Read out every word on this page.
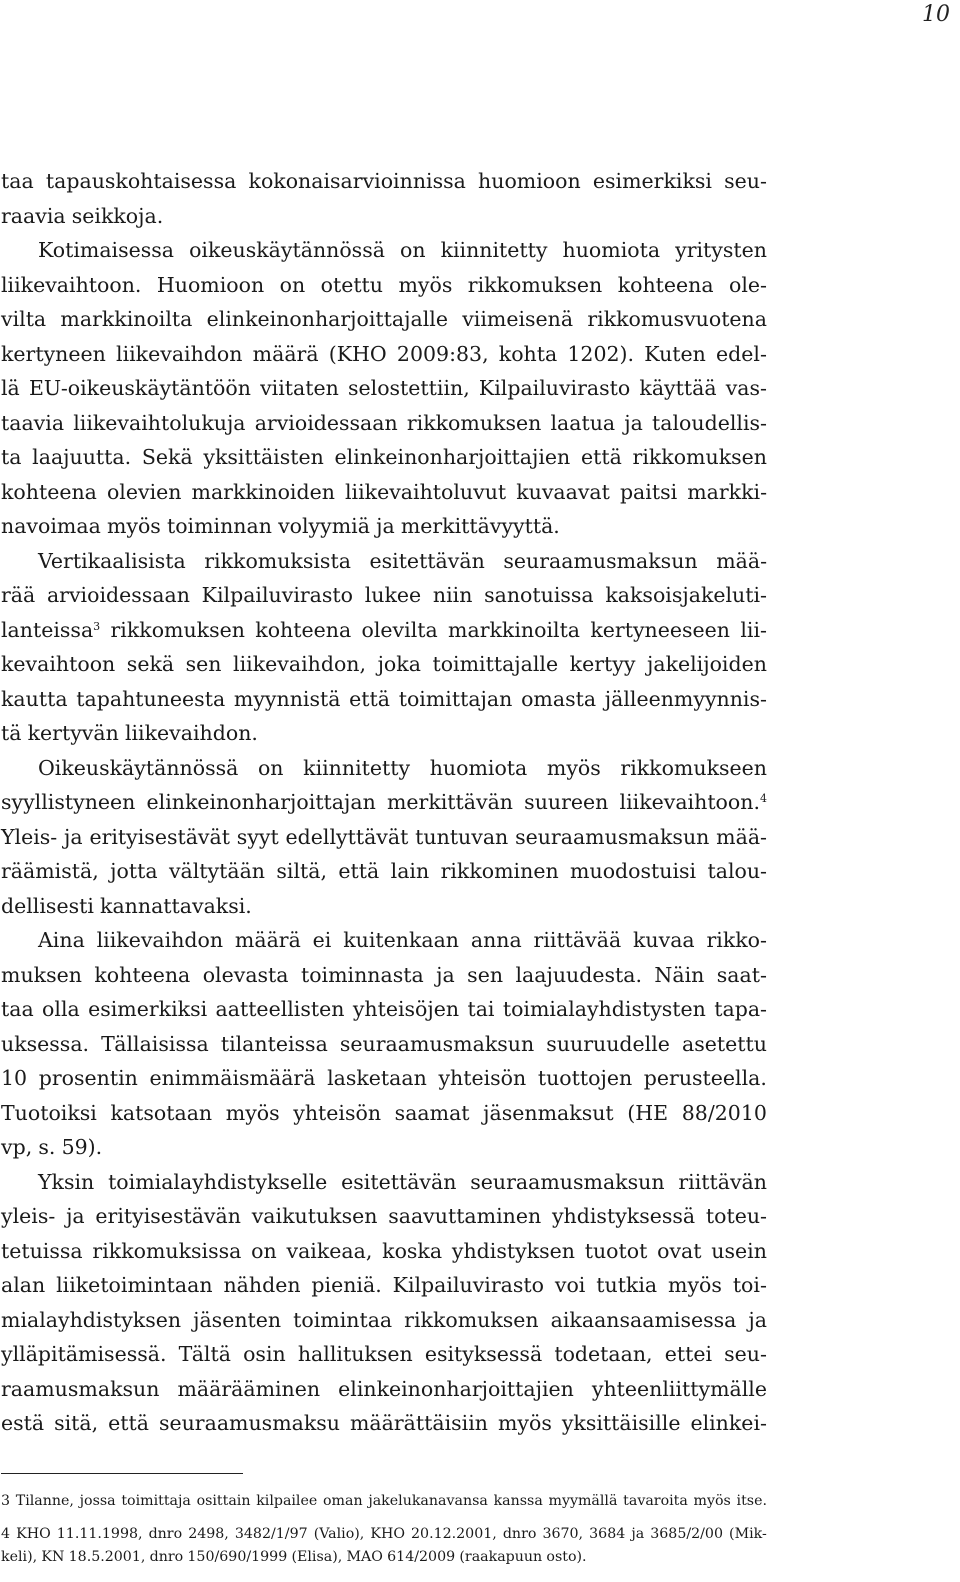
10
taa tapauskohtaisessa kokonaisarvioinnissa huomioon esimerkiksi seu-
raavia seikkoja.
Kotimaisessa oikeuskäytännössä on kiinnitetty huomiota yritysten
liikevaihtoon. Huomioon on otettu myös rikkomuksen kohteena ole-
vilta markkinoilta elinkeinonharjoittajalle viimeisenä rikkomusvuotena
kertyneen liikevaihdon määrä (KHO 2009:83, kohta 1202). Kuten edel-
lä EU-oikeuskäytäntöön viitaten selostettiin, Kilpailuvirasto käyttää vas-
taavia liikevaihtolukuja arvioidessaan rikkomuksen laatua ja taloudellis-
ta laajuutta. Sekä yksittäisten elinkeinonharjoittajien että rikkomuksen
kohteena olevien markkinoiden liikevaihtoluvut kuvaavat paitsi markki-
navoimaa myös toiminnan volyymiä ja merkittävyyttä.
Vertikaalisista rikkomuksista esitettävän seuraamusmaksun mää-
rää arvioidessaan Kilpailuvirasto lukee niin sanotuissa kaksoisjakeluti-
lanteissa$^3$ rikkomuksen kohteena olevilta markkinoilta kertyneeseen lii-
kevaihtoon sekä sen liikevaihdon, joka toimittajalle kertyy jakelijoiden
kautta tapahtuneesta myynnistä että toimittajan omasta jälleenmyynnis-
tä kertyvän liikevaihdon.
Oikeuskäytännössä on kiinnitetty huomiota myös rikkomukseen
syyllistyneen elinkeinonharjoittajan merkittävän suureen liikevaihtoon.$^4$
Yleis- ja erityisestävät syyt edellyttävät tuntuvan seuraamusmaksun mää-
räämistä, jotta vältytään siltä, että lain rikkominen muodostuisi talou-
dellisesti kannattavaksi.
Aina liikevaihdon määrä ei kuitenkaan anna riittävää kuvaa rikko-
muksen kohteena olevasta toiminnasta ja sen laajuudesta. Näin saat-
taa olla esimerkiksi aatteellisten yhteisöjen tai toimialayhdistysten tapa-
uksessa. Tällaisissa tilanteissa seuraamusmaksun suuruudelle asetettu
10 prosentin enimmäismäärä lasketaan yhteisön tuottojen perusteella.
Tuotoiksi katsotaan myös yhteisön saamat jäsenmaksut (HE 88/2010
vp, s. 59).
Yksin toimialayhdistykselle esitettävän seuraamusmaksun riittävän
yleis- ja erityisestävän vaikutuksen saavuttaminen yhdistyksessä toteu-
tetuissa rikkomuksissa on vaikeaa, koska yhdistyksen tuotot ovat usein
alan liiketoimintaan nähden pieniä. Kilpailuvirasto voi tutkia myös toi-
mialayhdistyksen jäsenten toimintaa rikkomuksen aikaansaamisessa ja
ylläpitämisessä. Tältä osin hallituksen esityksessä todetaan, ettei seu-
raamusmaksun määrääminen elinkeinonharjoittajien yhteenliittymälle
estä sitä, että seuraamusmaksu määrättäisiin myös yksittäisille elinkei-
3 Tilanne, jossa toimittaja osittain kilpailee oman jakelukanavansa kanssa myymällä tavaroita myös itse.
4 KHO 11.11.1998, dnro 2498, 3482/1/97 (Valio), KHO 20.12.2001, dnro 3670, 3684 ja 3685/2/00 (Mik-
keli), KN 18.5.2001, dnro 150/690/1999 (Elisa), MAO 614/2009 (raakapuun osto).
